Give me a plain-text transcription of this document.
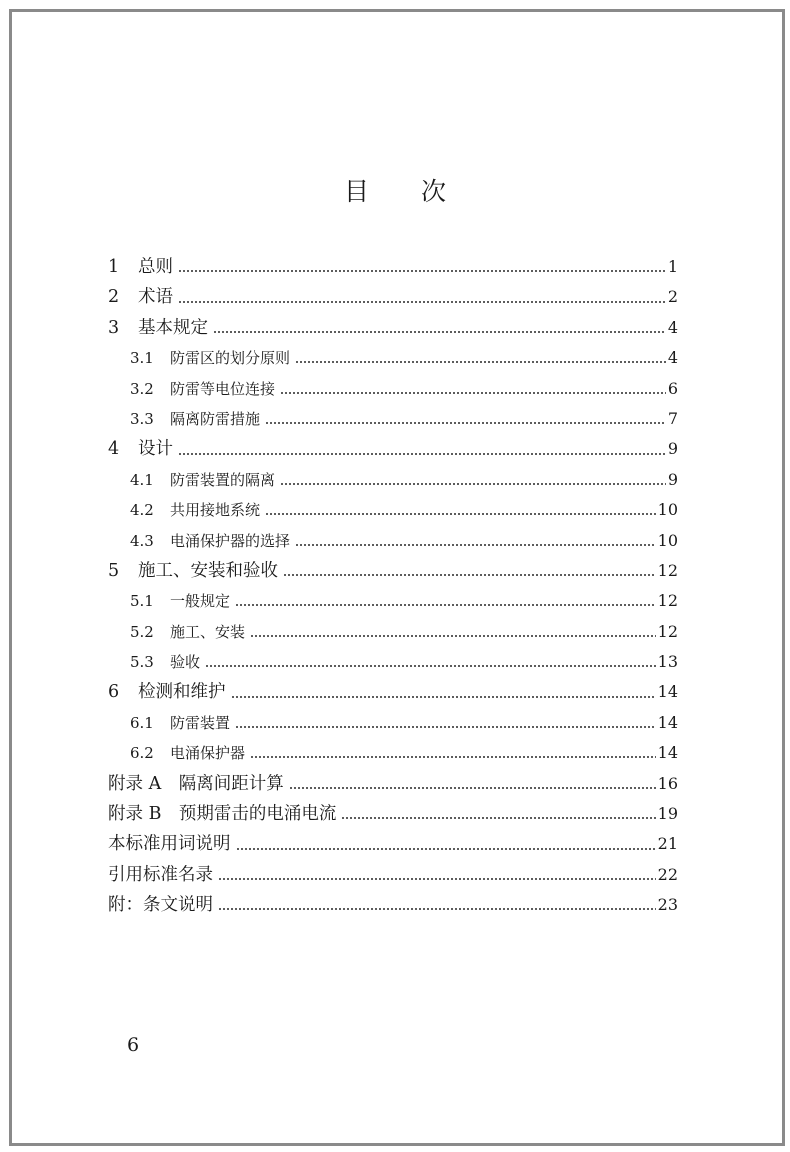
目 次
1	总则	1
2	术语	2
3	基本规定	4
3.1	防雷区的划分原则	4
3.2	防雷等电位连接	6
3.3	隔离防雷措施	7
4	设计	9
4.1	防雷装置的隔离	9
4.2	共用接地系统	10
4.3	电涌保护器的选择	10
5	施工、安装和验收	12
5.1	一般规定	12
5.2	施工、安装	12
5.3	验收	13
6	检测和维护	14
6.1	防雷装置	14
6.2	电涌保护器	14
附录 A　隔离间距计算	16
附录 B　预期雷击的电涌电流	19
本标准用词说明	21
引用标准名录	22
附：条文说明	23
6
